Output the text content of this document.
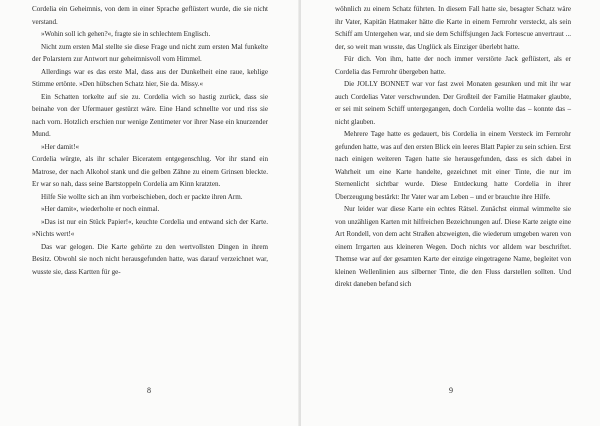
Cordelia ein Geheimnis, von dem in einer Sprache geflüstert wurde, die sie nicht verstand.

»Wohin soll ich gehen?«, fragte sie in schlechtem Englisch.

Nicht zum ersten Mal stellte sie diese Frage und nicht zum ersten Mal funkelte der Polarstern zur Antwort nur geheimnisvoll vom Himmel.

Allerdings war es das erste Mal, dass aus der Dunkelheit eine raue, kehlige Stimme ertönte. »Den hübschen Schatz hier, Sie da. Missy.«

Ein Schatten torkelte auf sie zu. Cordelia wich so hastig zurück, dass sie beinahe von der Ufermauer gestürzt wäre. Eine Hand schnellte vor und riss sie nach vorn. Hotzlich erschien nur wenige Zentimeter vor ihrer Nase ein knurzender Mund.

»Her damit!«

Cordelia würgte, als ihr schaler Biceratem entgegenschlug. Vor ihr stand ein Matrose, der nach Alkohol stank und die gelben Zähne zu einem Grinsen bleckte. Er war so nah, dass seine Bartstoppeln Cordelia am Kinn kratzten.

Hilfe Sie wollte sich an ihm vorbeischieben, doch er packte ihren Arm.

»Her damit«, wiederholte er noch einmal.

»Das ist nur ein Stück Papier!«, keuchte Cordelia und entwand sich der Karte. »Nichts wert!«

Das war gelogen. Die Karte gehörte zu den wertvollsten Dingen in ihrem Besitz. Obwohl sie noch nicht herausgefunden hatte, was darauf verzeichnet war, wusste sie, dass Kartten für ge-

8

wöhnlich zu einem Schatz führten. In diesem Fall hatte sie, besagter Schatz wäre ihr Vater, Kapitän Hatmaker hätte die Karte in einem Fernrohr versteckt, als sein Schiff am Untergehen war, und sie dem Schiffsjungen Jack Fortescue anvertraut ... der, so weit man wusste, das Unglück als Einziger überlebt hatte.

Für dich. Von ihm, hatte der noch immer verstörte Jack geflüstert, als er Cordelia das Fernrohr übergeben hatte.

Die JOLLY BONNET war vor fast zwei Monaten gesunken und mit ihr war auch Cordelias Vater verschwunden. Der Großteil der Familie Hatmaker glaubte, er sei mit seinem Schiff untergegangen, doch Cordelia wollte das – konnte das – nicht glauben.

Mehrere Tage hatte es gedauert, bis Cordelia in einem Versteck im Fernrohr gefunden hatte, was auf den ersten Blick ein leeres Blatt Papier zu sein schien. Erst nach einigen weiteren Tagen hatte sie herausgefunden, dass es sich dabei in Wahrheit um eine Karte handelte, gezeichnet mit einer Tinte, die nur im Sternenlicht sichtbar wurde. Diese Entdeckung hatte Cordelia in ihrer Überzeugung bestärkt: Ihr Vater war am Leben – und er brauchte ihre Hilfe.

Nur leider war diese Karte ein echtes Rätsel. Zunächst einmal wimmelte sie von unzähligen Karten mit hilfreichen Bezeichnungen auf. Diese Karte zeigte eine Art Rondell, von dem acht Straßen abzweigten, die wiederum umgeben waren von einem Irrgarten aus kleineren Wegen. Doch nichts vor alldem war beschriftet. Themse war auf der gesamten Karte der einzige eingetragene Name, begleitet von kleinen Wellenlinien aus silberner Tinte, die den Fluss darstellen sollten. Und direkt daneben befand sich

9
